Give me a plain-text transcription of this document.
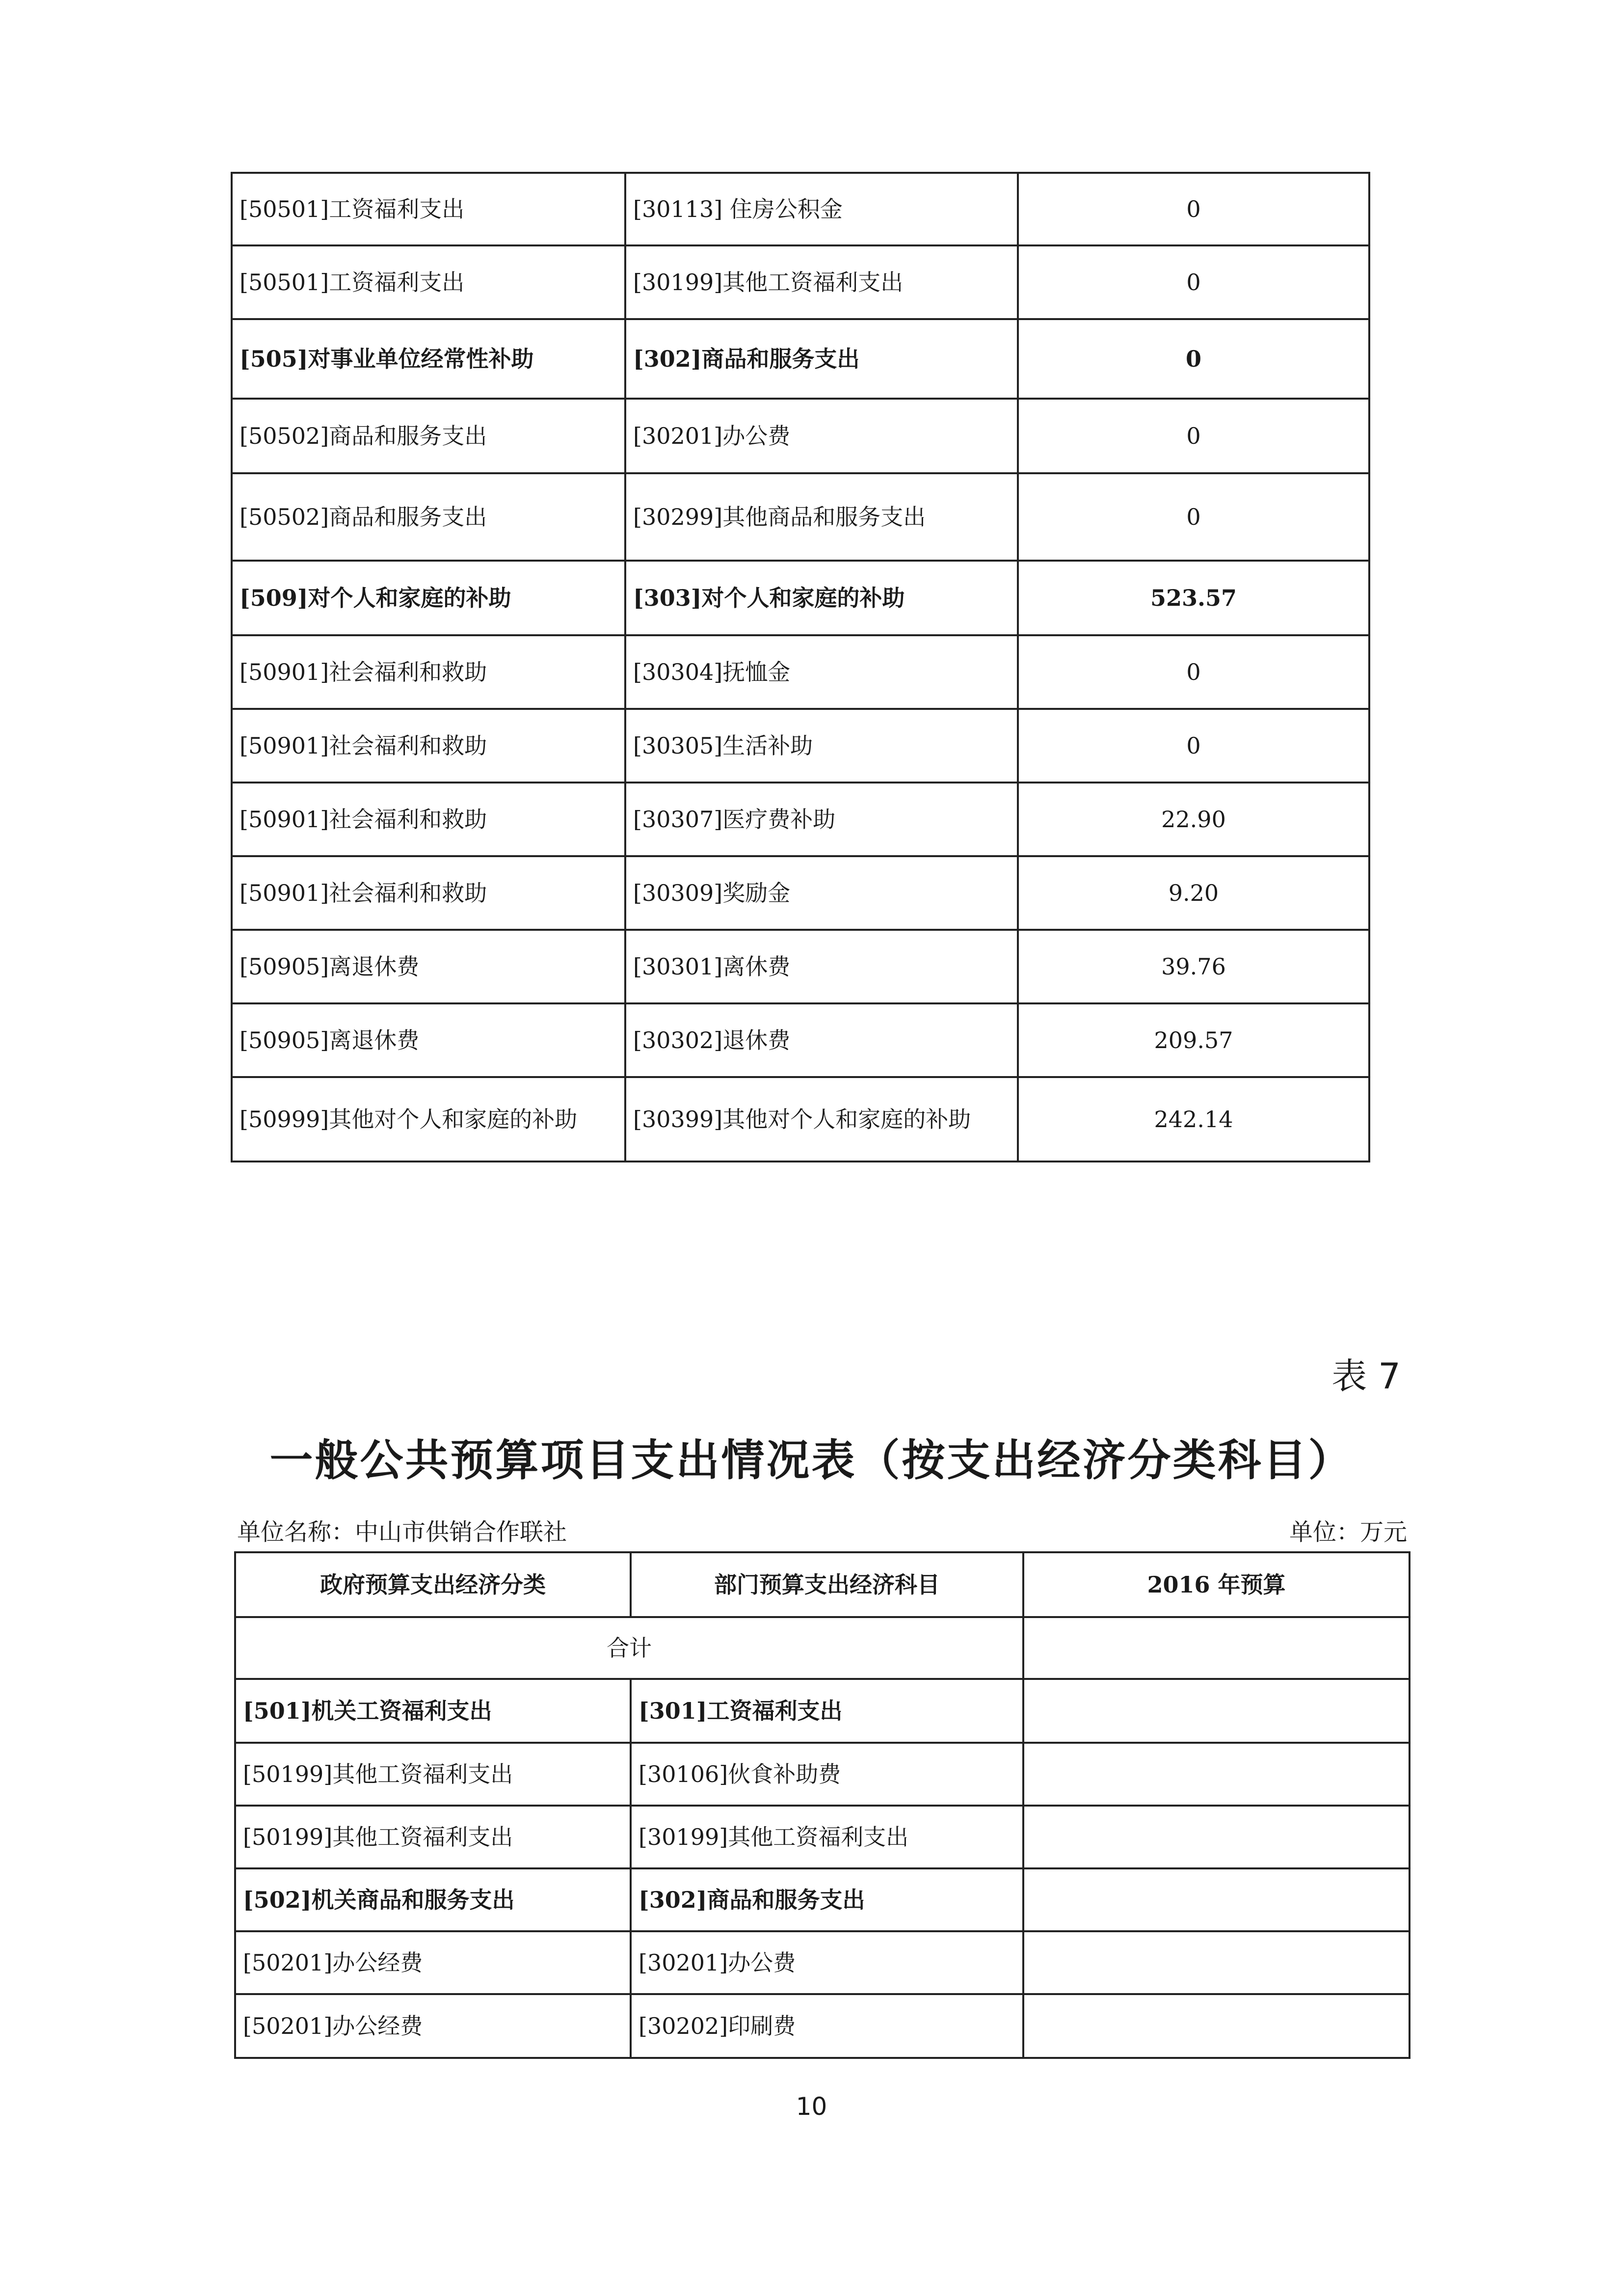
[50501]工资福利支出	[30113] 住房公积金	0
[50501]工资福利支出	[30199]其他工资福利支出	0
[505]对事业单位经常性补助	[302]商品和服务支出	0
[50502]商品和服务支出	[30201]办公费	0
[50502]商品和服务支出	[30299]其他商品和服务支出	0
[509]对个人和家庭的补助	[303]对个人和家庭的补助	523.57
[50901]社会福利和救助	[30304]抚恤金	0
[50901]社会福利和救助	[30305]生活补助	0
[50901]社会福利和救助	[30307]医疗费补助	22.90
[50901]社会福利和救助	[30309]奖励金	9.20
[50905]离退休费	[30301]离休费	39.76
[50905]离退休费	[30302]退休费	209.57
[50999]其他对个人和家庭的补助	[30399]其他对个人和家庭的补助	242.14
表 7
一般公共预算项目支出情况表（按支出经济分类科目）
单位名称：中山市供销合作联社	单位：万元
政府预算支出经济分类	部门预算支出经济科目	2016 年预算
合计		
[501]机关工资福利支出	[301]工资福利支出	
[50199]其他工资福利支出	[30106]伙食补助费	
[50199]其他工资福利支出	[30199]其他工资福利支出	
[502]机关商品和服务支出	[302]商品和服务支出	
[50201]办公经费	[30201]办公费	
[50201]办公经费	[30202]印刷费	
10
